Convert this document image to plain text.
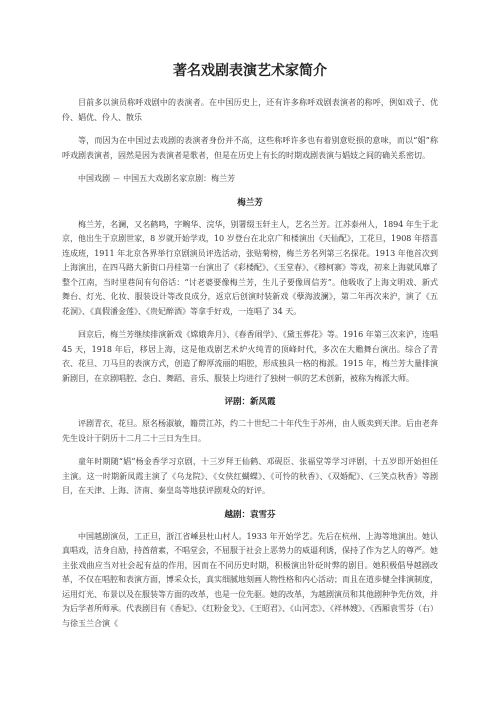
著名戏剧表演艺术家简介

目前多以演员称呼戏剧中的表演者。在中国历史上，还有许多称呼戏剧表演者的称呼，例如戏子、优伶、娼优、伶人、散乐

等，而因为在中国过去戏剧的表演者身份并不高，这些称呼许多也有着别意贬损的意味，而以“娼”称呼戏剧表演者，固然是因为表演者是歌者，但是在历史上有长的时期戏剧表演与娼妓之间的确关系密切。

中国戏剧 － 中国五大戏剧名家京剧：梅兰芳

梅兰芳

梅兰芳，名澜，又名鹤鸣，字畹华、浣华，别署缀玉轩主人，艺名兰芳。江苏泰州人，1894 年生于北京，他出生于京剧世家，8 岁就开始学戏，10 岁登台在北京广和楼演出《天仙配》，工花旦，1908 年搭喜连成班，1911 年北京各界举行京剧演员评选活动，张贴菊榜，梅兰芳名列第三名探花。1913 年他首次到上海演出，在四马路大新街口丹桂第一台演出了《彩楼配》、《玉堂春》、《穆柯寨》等戏，初来上海就风靡了整个江南，当时里巷间有句俗话：“讨老婆要像梅兰芳，生儿子要像周信芳”。他吸收了上海文明戏、新式舞台、灯光、化妆、服装设计等改良成分，返京后创演时装新戏《孽海波澜》，第二年再次来沪，演了《五花洞》、《真假潘金莲》、《贵妃醉酒》等拿手好戏，一连唱了 34 天。

回京后，梅兰芳继续排演新戏《嫦娥奔月》、《春香闹学》、《黛玉葬花》等。1916 年第三次来沪，连唱 45 天，1918 年后，移居上海，这是他戏剧艺术炉火纯青的顶峰时代，多次在大赡舞台演出。综合了青衣、花旦、刀马旦的表演方式，创造了醇厚流丽的唱腔，形成独具一格的梅派。1915 年，梅兰芳大量排演新剧目，在京剧唱腔、念白、舞蹈、音乐、服装上均进行了独树一帜的艺术创新，被称为梅派大师。

评剧：新凤霞

评剧青衣、花旦。原名杨淑敏，籍贯江苏，约二十世纪二十年代生于苏州，由人贩卖到天津。后由老奔先生设计于阴历十二月二十三日为生日。

童年时期随“娼”杨金香学习京剧，十三岁拜王仙鹤、邓砚臣、张福堂等学习评剧，十五岁即开始担任主演。这一时期新凤霞主演了《乌龙院》、《女侠红蝴蝶》、《可怜的秋香》、《双婚配》、《三笑点秋香》等剧目，在天津、上海、济南、秦皇岛等地获评剧观众的好评。

越剧：袁雪芬

中国越剧演员，工正旦，浙江省嵊县杜山村人。1933 年开始学艺。先后在杭州、上海等地演出。她认真唱戏，洁身自励，持酋蓿素，不唱堂会，不屈服于社会上恶势力的威逼利诱，保持了作为艺人的尊严。她主张戏曲应当对社会起有益的作用，因而在不同历史时期，积极演出针砭时弊的剧目。她积极倡导越剧改革，不仅在唱腔和表演方面，博采众长，真实细腻地刻画人物性格和内心活动；而且在道歩健全排演制度，运用灯光、布景以及在服装等方面的改革，也是一位先驱。她的改革，为越剧演员和其他剧种争先仿效，并为后学者所师承。代表剧目有《香妃》、《红粉金戈》、《王昭君》、《山河恋》、《祥林嫂》、《西厢袁雪芬（右）与徐玉兰合演《
